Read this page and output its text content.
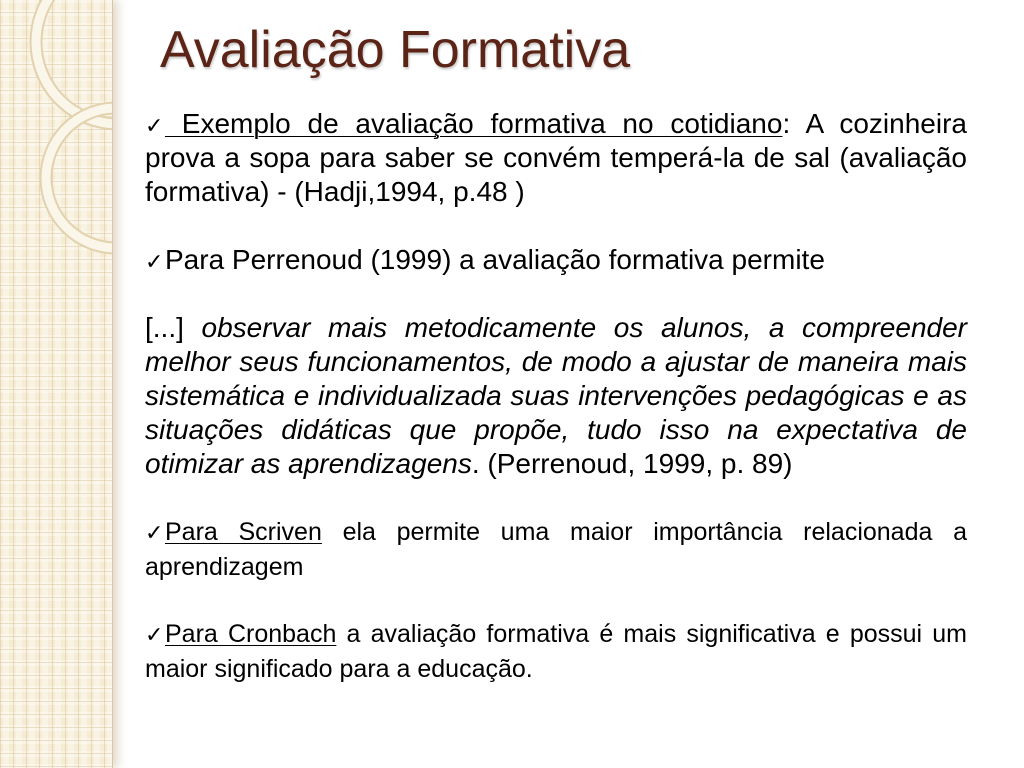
Avaliação Formativa

✓ Exemplo de avaliação formativa no cotidiano: A cozinheira prova a sopa para saber se convém temperá-la de sal (avaliação formativa) - (Hadji,1994, p.48 )

✓Para Perrenoud (1999) a avaliação formativa permite

[...] observar mais metodicamente os alunos, a compreender melhor seus funcionamentos, de modo a ajustar de maneira mais sistemática e individualizada suas intervenções pedagógicas e as situações didáticas que propõe, tudo isso na expectativa de otimizar as aprendizagens. (Perrenoud, 1999, p. 89)

✓Para Scriven ela permite uma maior importância relacionada a aprendizagem

✓Para Cronbach a avaliação formativa é mais significativa e possui um maior significado para a educação.
